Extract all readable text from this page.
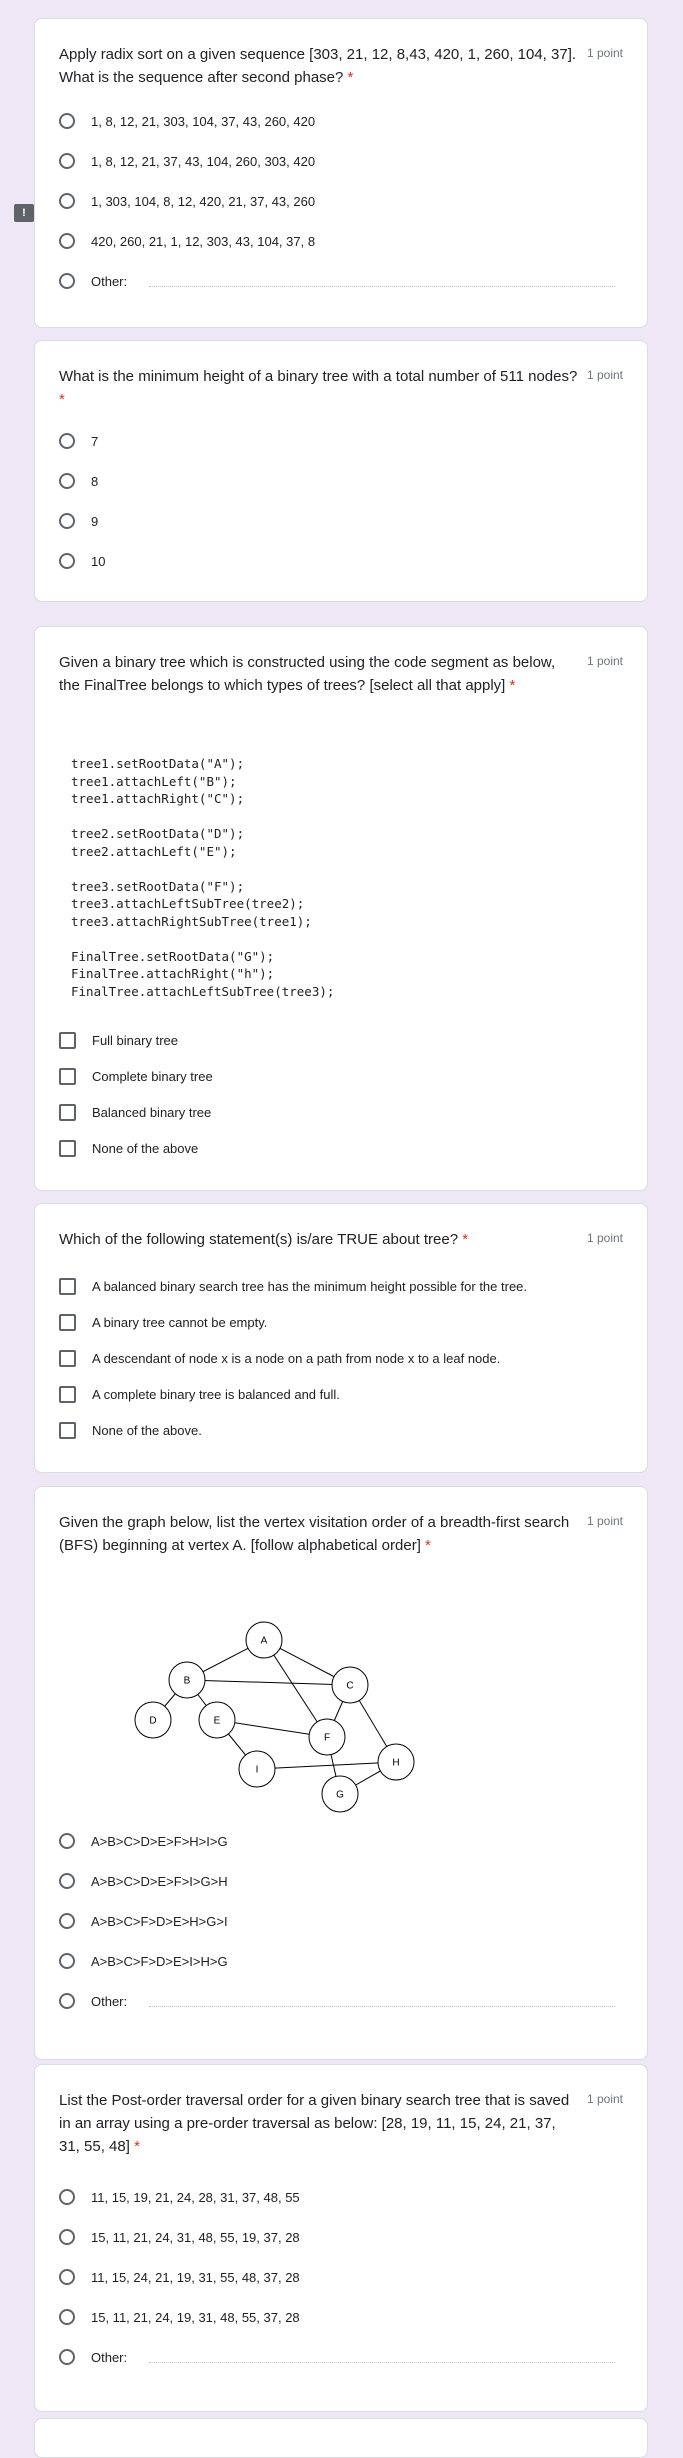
!

Apply radix sort on a given sequence [303, 21, 12, 8,43, 420, 1, 260, 104, 37]. What is the sequence after second phase? *

1 point
1, 8, 12, 21, 303, 104, 37, 43, 260, 420
1, 8, 12, 21, 37, 43, 104, 260, 303, 420
1, 303, 104, 8, 12, 420, 21, 37, 43, 260
420, 260, 21, 1, 12, 303, 43, 104, 37, 8
Other:

What is the minimum height of a binary tree with a total number of 511 nodes? *

1 point
7
8
9
10

Given a binary tree which is constructed using the code segment as below, the FinalTree belongs to which types of trees? [select all that apply] *

1 point
tree1.setRootData("A");
tree1.attachLeft("B");
tree1.attachRight("C");

tree2.setRootData("D");
tree2.attachLeft("E");

tree3.setRootData("F");
tree3.attachLeftSubTree(tree2);
tree3.attachRightSubTree(tree1);

FinalTree.setRootData("G");
FinalTree.attachRight("h");
FinalTree.attachLeftSubTree(tree3);
Full binary tree
Complete binary tree
Balanced binary tree
None of the above

Which of the following statement(s) is/are TRUE about tree? *	1 point
A balanced binary search tree has the minimum height possible for the tree.
A binary tree cannot be empty.
A descendant of node x is a node on a path from node x to a leaf node.
A complete binary tree is balanced and full.
None of the above.

Given the graph below, list the vertex visitation order of a breadth-first search (BFS) beginning at vertex A. [follow alphabetical order] *

1 point
A
B	C
D	E
F
I
H
G
A>B>C>D>E>F>H>I>G
A>B>C>D>E>F>I>G>H
A>B>C>F>D>E>H>G>I
A>B>C>F>D>E>I>H>G
Other:

List the Post-order traversal order for a given binary search tree that is saved in an array using a pre-order traversal as below: [28, 19, 11, 15, 24, 21, 37, 31, 55, 48] *

1 point
11, 15, 19, 21, 24, 28, 31, 37, 48, 55
15, 11, 21, 24, 31, 48, 55, 19, 37, 28
11, 15, 24, 21, 19, 31, 55, 48, 37, 28
15, 11, 21, 24, 19, 31, 48, 55, 37, 28
Other:
